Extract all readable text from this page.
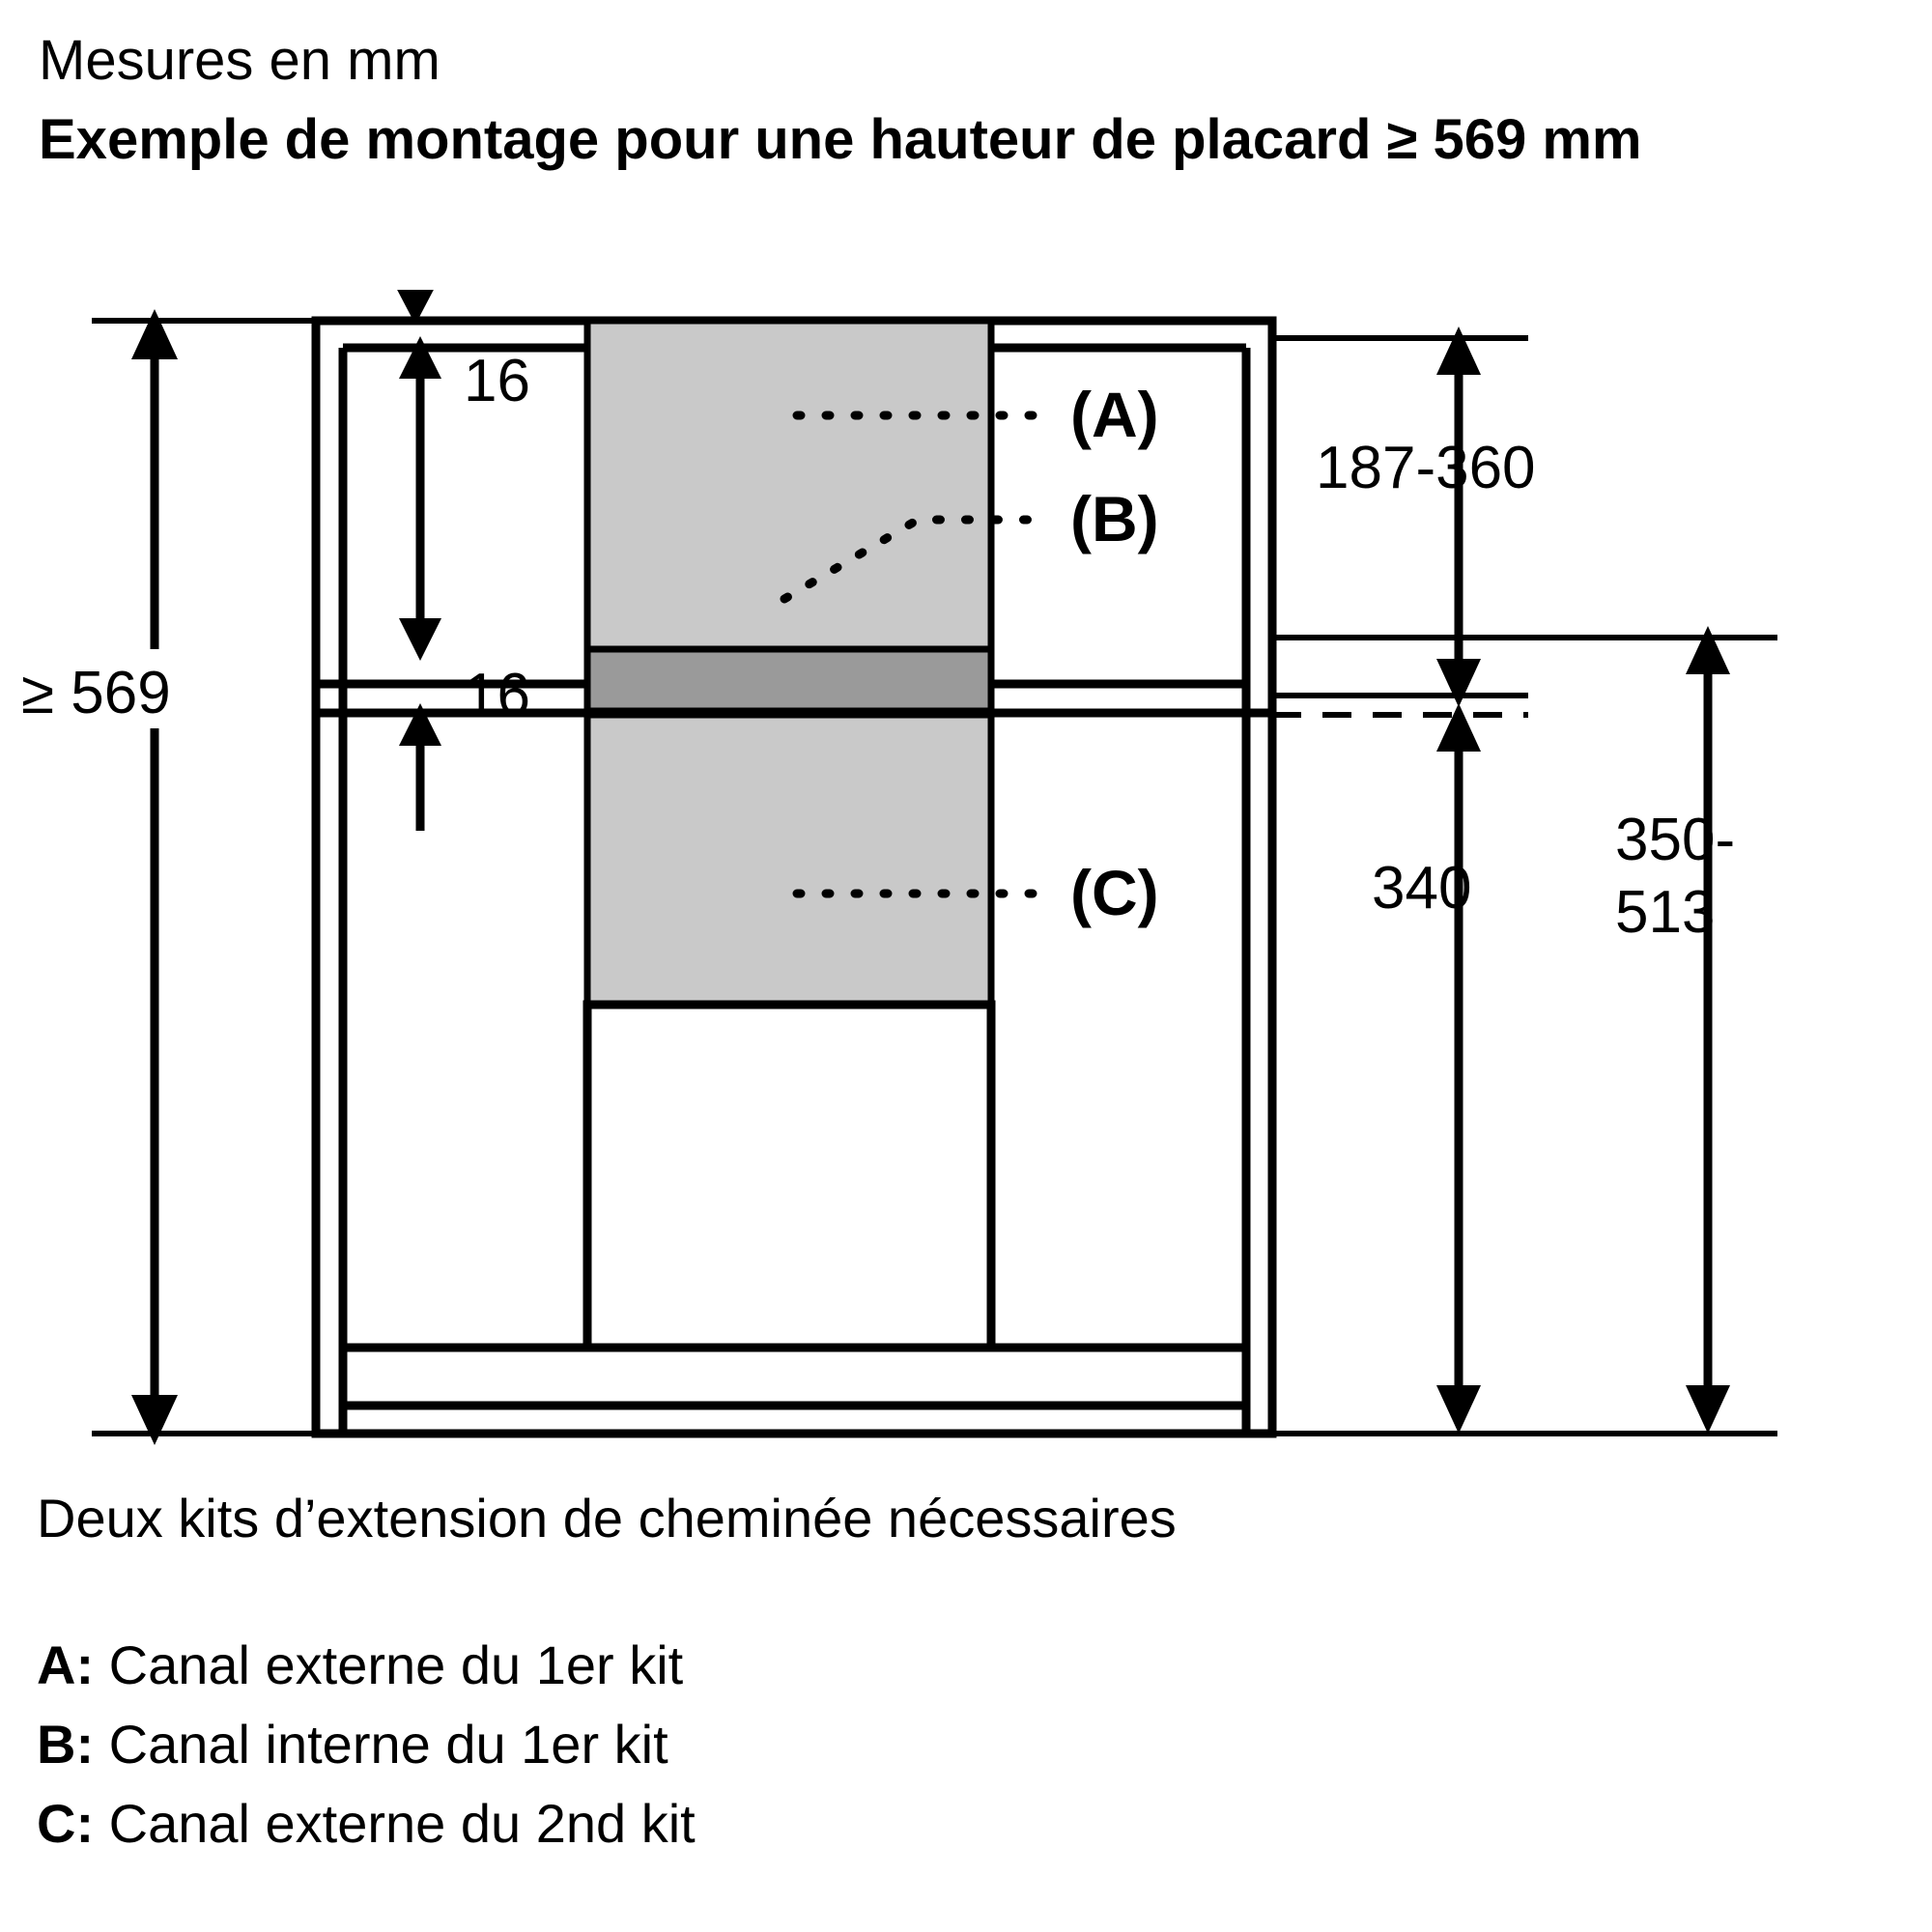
Mesures en mm
Exemple de montage pour une hauteur de placard ≥ 569 mm
16
16
≥ 569
187-360
340
350-
513
(A)
(B)
(C)
Deux kits d’extension de cheminée nécessaires
A: Canal externe du 1er kit
B: Canal interne du 1er kit
C: Canal externe du 2nd kit
